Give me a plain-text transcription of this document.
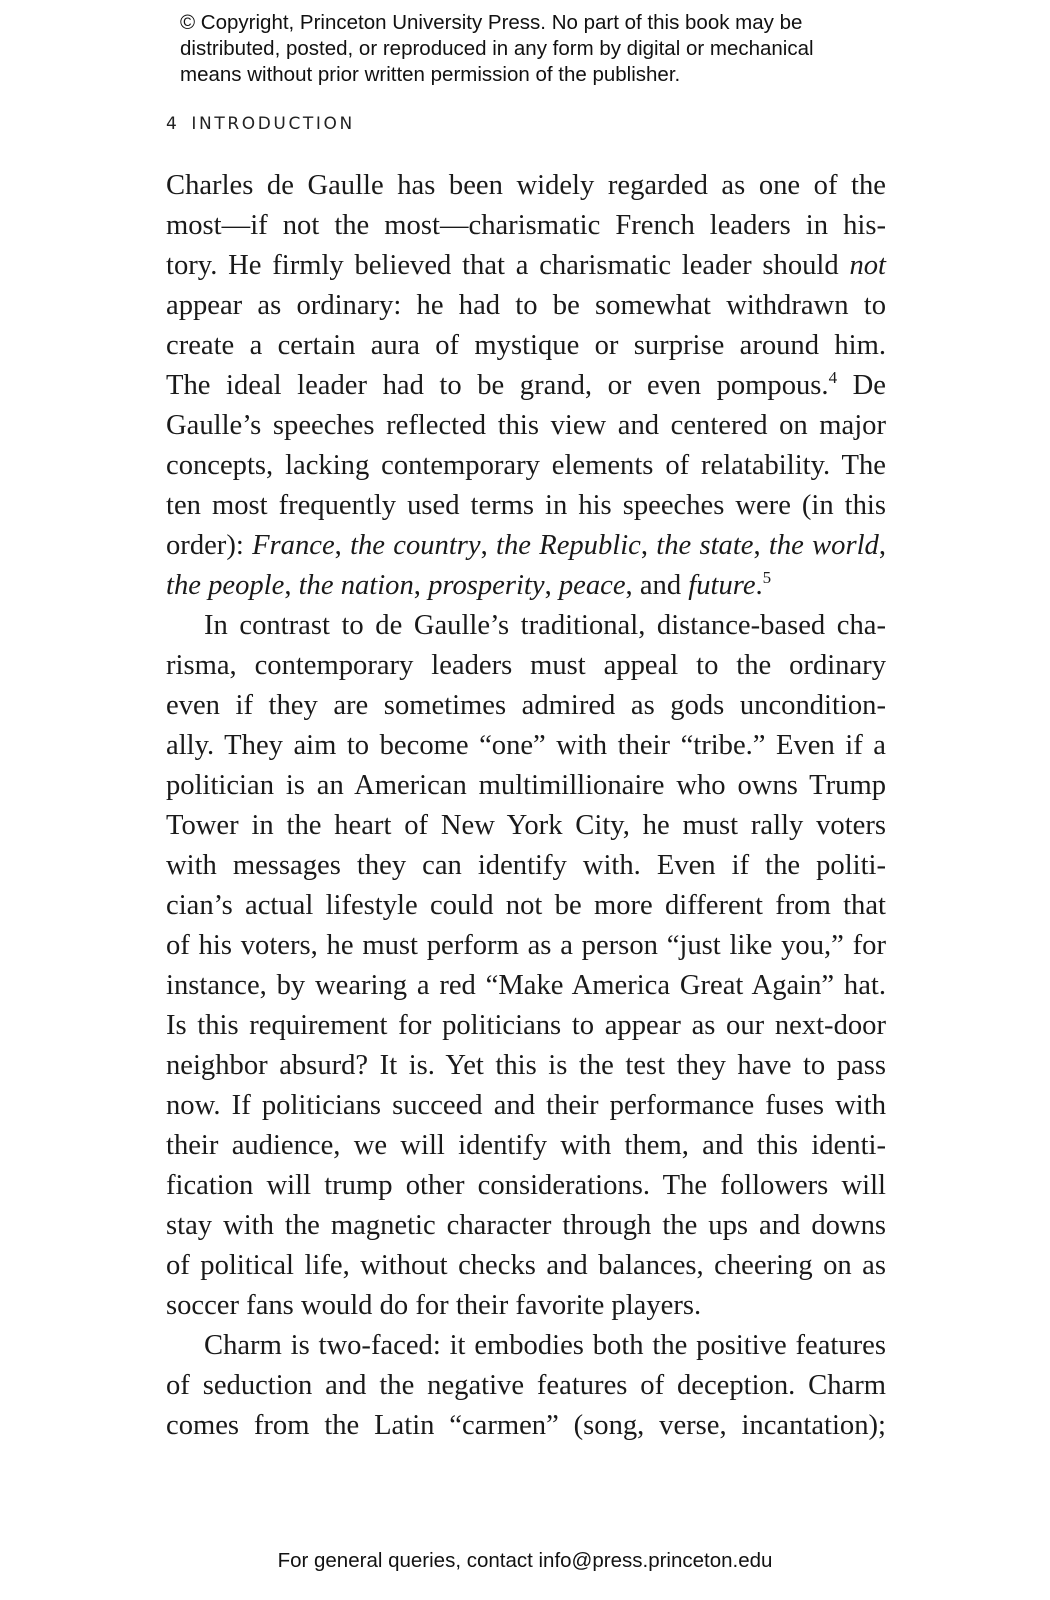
© Copyright, Princeton University Press. No part of this book may be
distributed, posted, or reproduced in any form by digital or mechanical
means without prior written permission of the publisher.
4 INTRODUCTION
Charles de Gaulle has been widely regarded as one of the
most—if not the most—charismatic French leaders in his-
tory. He firmly believed that a charismatic leader should not
appear as ordinary: he had to be somewhat withdrawn to
create a certain aura of mystique or surprise around him.
The ideal leader had to be grand, or even pompous.$^4$ De
Gaulle’s speeches reflected this view and centered on major
concepts, lacking contemporary elements of relatability. The
ten most frequently used terms in his speeches were (in this
order): France, the country, the Republic, the state, the world,
the people, the nation, prosperity, peace, and future.$^5$
In contrast to de Gaulle’s traditional, distance-based cha-
risma, contemporary leaders must appeal to the ordinary
even if they are sometimes admired as gods uncondition-
ally. They aim to become “one” with their “tribe.” Even if a
politician is an American multimillionaire who owns Trump
Tower in the heart of New York City, he must rally voters
with messages they can identify with. Even if the politi-
cian’s actual lifestyle could not be more different from that
of his voters, he must perform as a person “just like you,” for
instance, by wearing a red “Make America Great Again” hat.
Is this requirement for politicians to appear as our next-door
neighbor absurd? It is. Yet this is the test they have to pass
now. If politicians succeed and their performance fuses with
their audience, we will identify with them, and this identi-
fication will trump other considerations. The followers will
stay with the magnetic character through the ups and downs
of political life, without checks and balances, cheering on as
soccer fans would do for their favorite players.
Charm is two-faced: it embodies both the positive features
of seduction and the negative features of deception. Charm
comes from the Latin “carmen” (song, verse, incantation);
For general queries, contact info@press.princeton.edu
